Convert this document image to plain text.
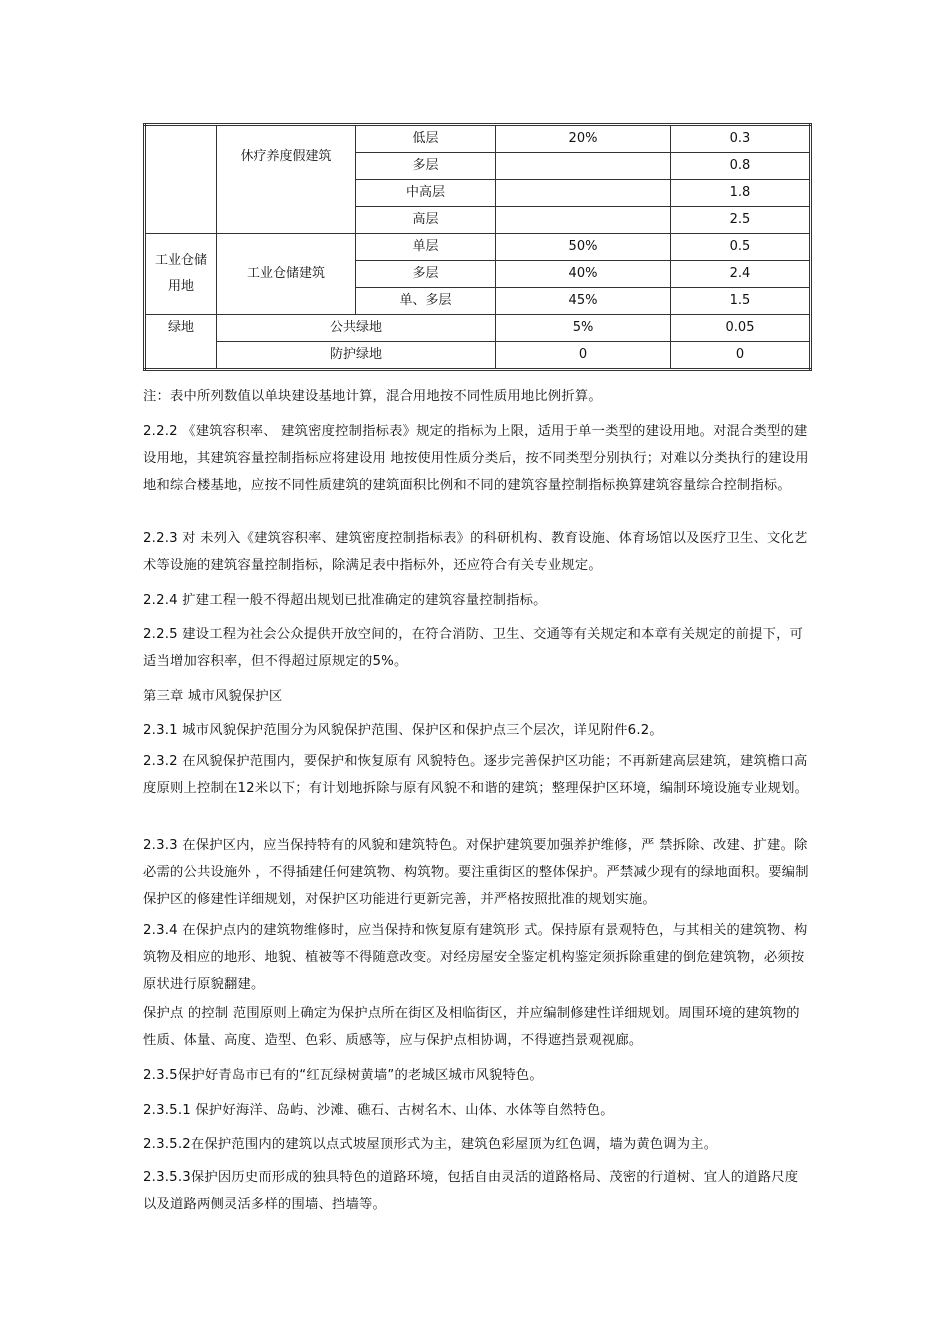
	休疗养度假建筑	低层	20%	0.3
		多层		0.8
		中高层		1.8
		高层		2.5
工业仓储用地	工业仓储建筑	单层	50%	0.5
		多层	40%	2.4
		单、多层	45%	1.5
绿地	公共绿地		5%	0.05
	防护绿地		0	0

注：表中所列数值以单块建设基地计算，混合用地按不同性质用地比例折算。

2.2.2 《建筑容积率、 建筑密度控制指标表》规定的指标为上限，适用于单一类型的建设用地。对混合类型的建 设用地，其建筑容量控制指标应将建设用 地按使用性质分类后，按不同类型分别执行；对难以分类执行的建设用地和综合楼基地，应按不同性质建筑的建筑面积比例和不同的建筑容量控制指标换算建筑容量综合控制指标。

2.2.3 对 未列入《建筑容积率、建筑密度控制指标表》的科研机构、教育设施、体育场馆以及医疗卫生、文化艺术等设施的建筑容量控制指标，除满足表中指标外，还应符合有关专业规定。

2.2.4 扩建工程一般不得超出规划已批准确定的建筑容量控制指标。

2.2.5 建设工程为社会公众提供开放空间的，在符合消防、卫生、交通等有关规定和本章有关规定的前提下，可适当增加容积率，但不得超过原规定的5%。

第三章 城市风貌保护区

2.3.1 城市风貌保护范围分为风貌保护范围、保护区和保护点三个层次，详见附件6.2。

2.3.2 在风貌保护范围内，要保护和恢复原有 风貌特色。逐步完善保护区功能；不再新建高层建筑，建筑檐口高度原则上控制在12米以下；有计划地拆除与原有风貌不和谐的建筑；整理保护区环境，编制环境设施专业规划。

2.3.3 在保护区内，应当保持特有的风貌和建筑特色。对保护建筑要加强养护维修，严 禁拆除、改建、扩建。除必需的公共设施外 ，不得插建任何建筑物、构筑物。要注重街区的整体保护。严禁减少现有的绿地面积。要编制保护区的修建性详细规划，对保护区功能进行更新完善，并严格按照批准的规划实施。

2.3.4 在保护点内的建筑物维修时，应当保持和恢复原有建筑形 式。保持原有景观特色，与其相关的建筑物、构筑物及相应的地形、地貌、植被等不得随意改变。对经房屋安全鉴定机构鉴定须拆除重建的倒危建筑物，必须按原状进行原貌翻建。

保护点 的控制 范围原则上确定为保护点所在街区及相临街区，并应编制修建性详细规划。周围环境的建筑物的性质、体量、高度、造型、色彩、质感等，应与保护点相协调，不得遮挡景观视廊。

2.3.5保护好青岛市已有的“红瓦绿树黄墙”的老城区城市风貌特色。

2.3.5.1 保护好海洋、岛屿、沙滩、礁石、古树名木、山体、水体等自然特色。

2.3.5.2在保护范围内的建筑以点式坡屋顶形式为主，建筑色彩屋顶为红色调，墙为黄色调为主。

2.3.5.3保护因历史而形成的独具特色的道路环境，包括自由灵活的道路格局、茂密的行道树、宜人的道路尺度以及道路两侧灵活多样的围墙、挡墙等。
